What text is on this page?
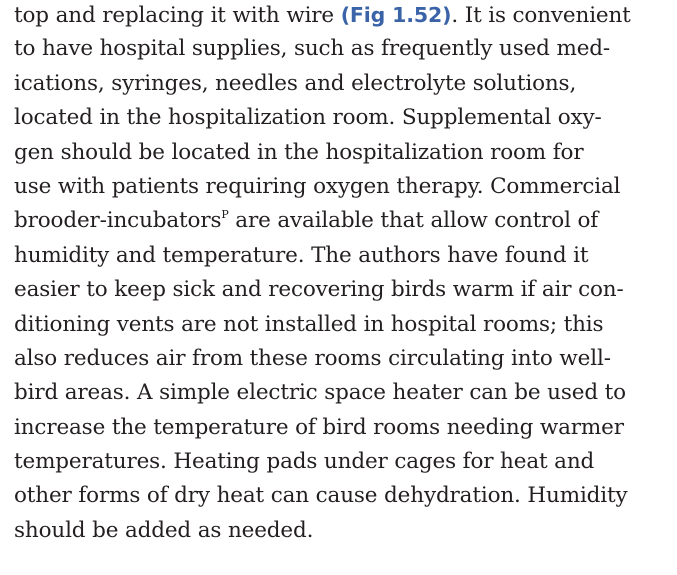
top and replacing it with wire (Fig 1.52). It is convenient
to have hospital supplies, such as frequently used med-
ications, syringes, needles and electrolyte solutions,
located in the hospitalization room. Supplemental oxy-
gen should be located in the hospitalization room for
use with patients requiring oxygen therapy. Commercial
brooder-incubators$^P$ are available that allow control of
humidity and temperature. The authors have found it
easier to keep sick and recovering birds warm if air con-
ditioning vents are not installed in hospital rooms; this
also reduces air from these rooms circulating into well-
bird areas. A simple electric space heater can be used to
increase the temperature of bird rooms needing warmer
temperatures. Heating pads under cages for heat and
other forms of dry heat can cause dehydration. Humidity
should be added as needed.
